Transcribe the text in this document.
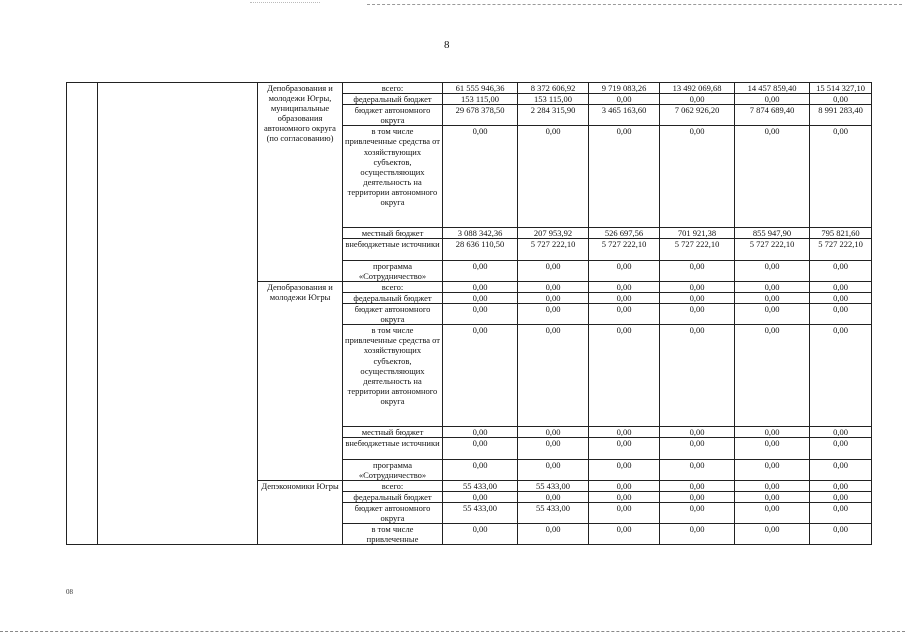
8
		Депобразования и молодежи Югры, муниципальные образования автономного округа (по согласованию)	всего:	61 555 946,36	8 372 606,92	9 719 083,26	13 492 069,68	14 457 859,40	15 514 327,10
			федеральный бюджет	153 115,00	153 115,00	0,00	0,00	0,00	0,00
			бюджет автономного округа	29 678 378,50	2 284 315,90	3 465 163,60	7 062 926,20	7 874 689,40	8 991 283,40
			в том числе привлеченные средства от хозяйствующих субъектов, осуществляющих деятельность на территории автономного округа	0,00	0,00	0,00	0,00	0,00	0,00
			местный бюджет	3 088 342,36	207 953,92	526 697,56	701 921,38	855 947,90	795 821,60
			внебюджетные источники	28 636 110,50	5 727 222,10	5 727 222,10	5 727 222,10	5 727 222,10	5 727 222,10
			программа «Сотрудничество»	0,00	0,00	0,00	0,00	0,00	0,00
		Депобразования и молодежи Югры	всего:	0,00	0,00	0,00	0,00	0,00	0,00
			федеральный бюджет	0,00	0,00	0,00	0,00	0,00	0,00
			бюджет автономного округа	0,00	0,00	0,00	0,00	0,00	0,00
			в том числе привлеченные средства от хозяйствующих субъектов, осуществляющих деятельность на территории автономного округа	0,00	0,00	0,00	0,00	0,00	0,00
			местный бюджет	0,00	0,00	0,00	0,00	0,00	0,00
			внебюджетные источники	0,00	0,00	0,00	0,00	0,00	0,00
			программа «Сотрудничество»	0,00	0,00	0,00	0,00	0,00	0,00
		Депэкономики Югры	всего:	55 433,00	55 433,00	0,00	0,00	0,00	0,00
			федеральный бюджет	0,00	0,00	0,00	0,00	0,00	0,00
			бюджет автономного округа	55 433,00	55 433,00	0,00	0,00	0,00	0,00
			в том числе привлеченные	0,00	0,00	0,00	0,00	0,00	0,00
08
